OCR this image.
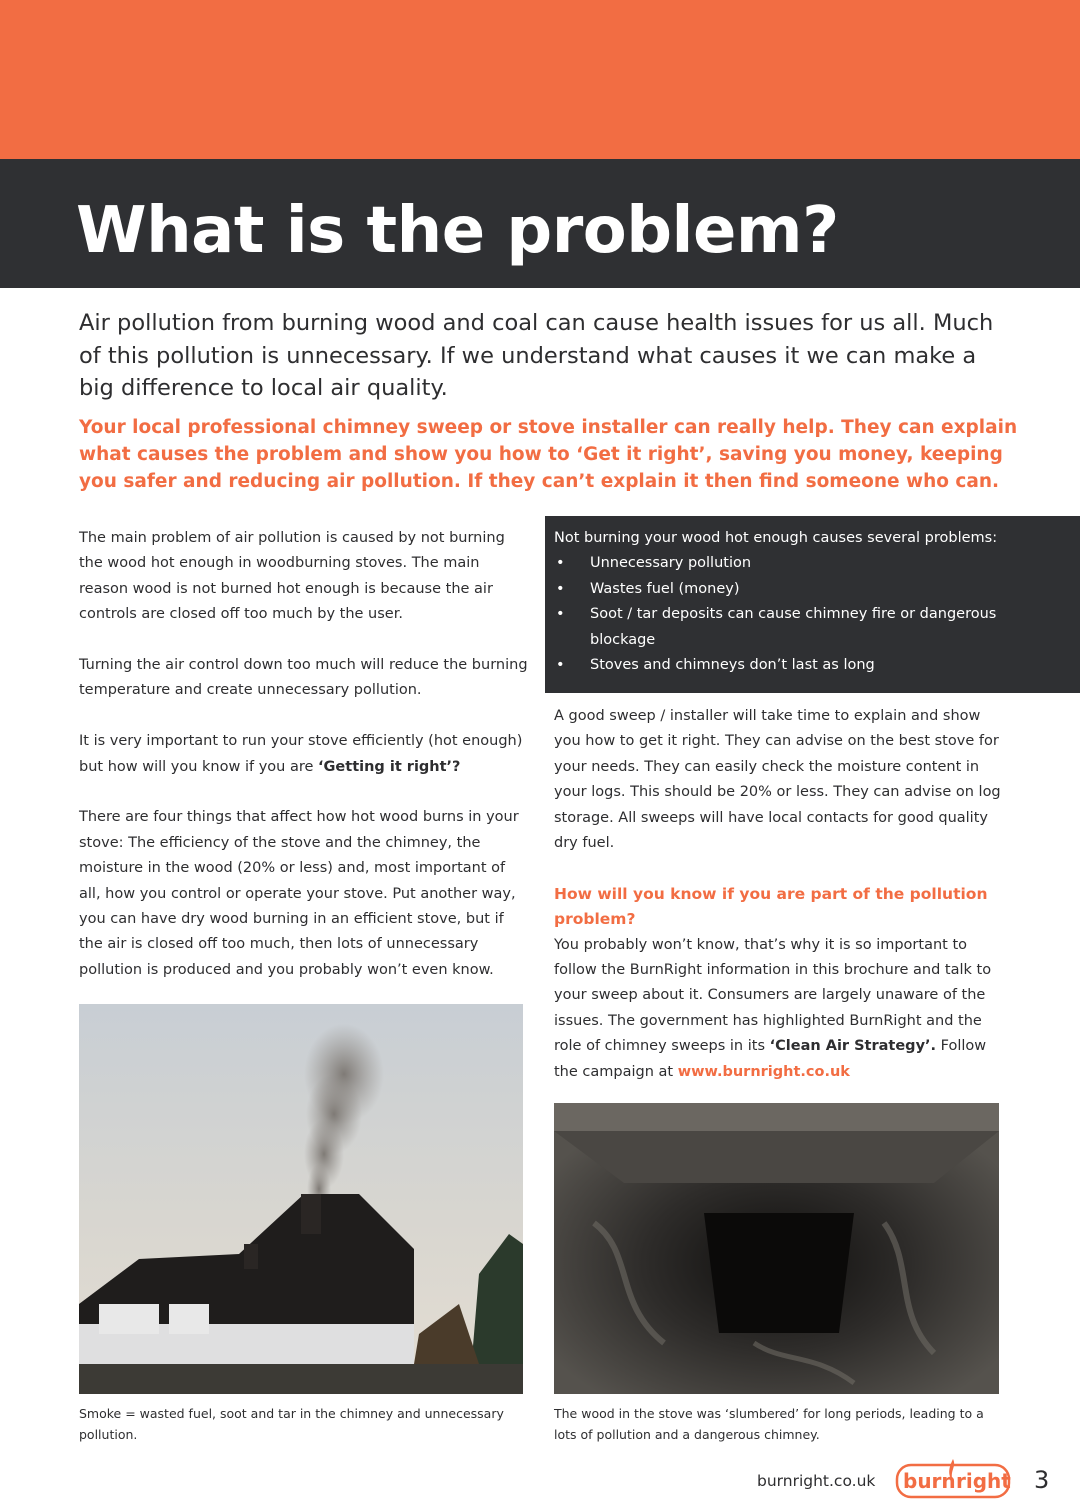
What is the problem?

Air pollution from burning wood and coal can cause health issues for us all. Much of this pollution is unnecessary. If we understand what causes it we can make a big difference to local air quality.

Your local professional chimney sweep or stove installer can really help. They can explain what causes the problem and show you how to ‘Get it right’, saving you money, keeping you safer and reducing air pollution. If they can’t explain it then find someone who can.

The main problem of air pollution is caused by not burning the wood hot enough in woodburning stoves. The main reason wood is not burned hot enough is because the air controls are closed off too much by the user.

Turning the air control down too much will reduce the burning temperature and create unnecessary pollution.

It is very important to run your stove efficiently (hot enough) but how will you know if you are ‘Getting it right’?

There are four things that affect how hot wood burns in your stove: The efficiency of the stove and the chimney, the moisture in the wood (20% or less) and, most important of all, how you control or operate your stove. Put another way, you can have dry wood burning in an efficient stove, but if the air is closed off too much, then lots of unnecessary pollution is produced and you probably won’t even know.

Not burning your wood hot enough causes several problems:

• Unnecessary pollution
• Wastes fuel (money)
• Soot / tar deposits can cause chimney fire or dangerous blockage
• Stoves and chimneys don’t last as long

A good sweep / installer will take time to explain and show you how to get it right. They can advise on the best stove for your needs. They can easily check the moisture content in your logs. This should be 20% or less. They can advise on log storage. All sweeps will have local contacts for good quality dry fuel.

How will you know if you are part of the pollution problem?

You probably won’t know, that’s why it is so important to follow the BurnRight information in this brochure and talk to your sweep about it. Consumers are largely unaware of the issues. The government has highlighted BurnRight and the role of chimney sweeps in its ‘Clean Air Strategy’. Follow the campaign at www.burnright.co.uk

Smoke = wasted fuel, soot and tar in the chimney and unnecessary pollution.

The wood in the stove was ‘slumbered’ for long periods, leading to a lots of pollution and a dangerous chimney.

burnright.co.uk burn right 3
